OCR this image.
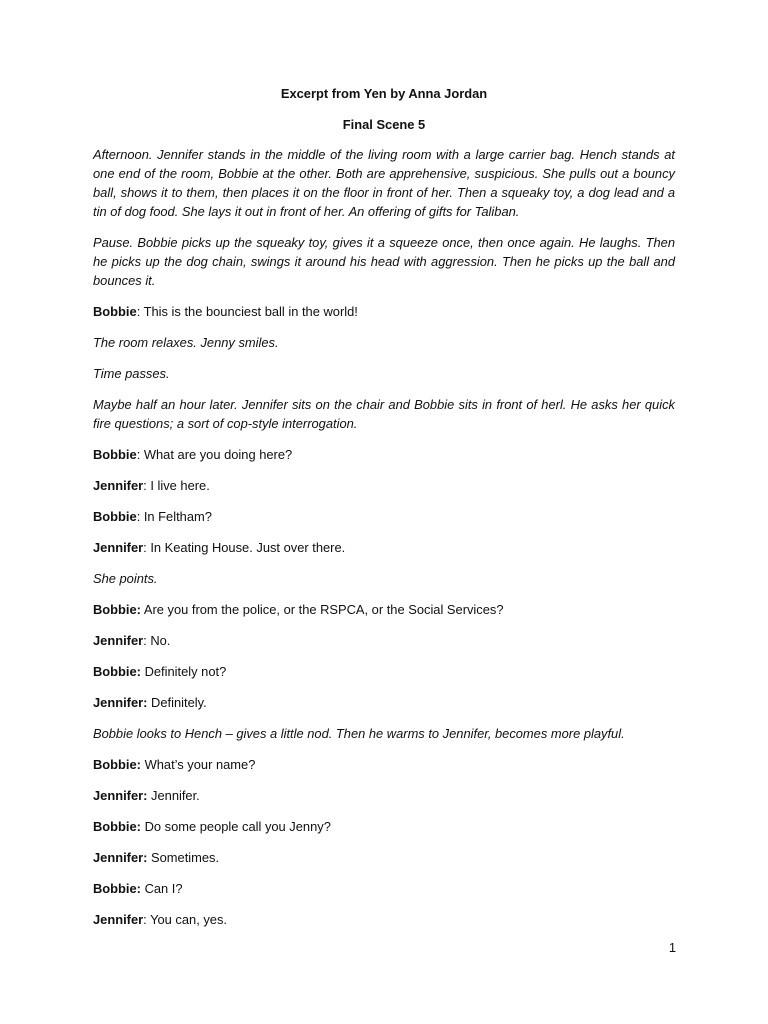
Excerpt from Yen by Anna Jordan
Final Scene 5
Afternoon. Jennifer stands in the middle of the living room with a large carrier bag. Hench stands at one end of the room, Bobbie at the other. Both are apprehensive, suspicious. She pulls out a bouncy ball, shows it to them, then places it on the floor in front of her. Then a squeaky toy, a dog lead and a tin of dog food. She lays it out in front of her. An offering of gifts for Taliban.
Pause. Bobbie picks up the squeaky toy, gives it a squeeze once, then once again. He laughs. Then he picks up the dog chain, swings it around his head with aggression. Then he picks up the ball and bounces it.
Bobbie: This is the bounciest ball in the world!
The room relaxes. Jenny smiles.
Time passes.
Maybe half an hour later. Jennifer sits on the chair and Bobbie sits in front of herl. He asks her quick fire questions; a sort of cop-style interrogation.
Bobbie: What are you doing here?
Jennifer: I live here.
Bobbie: In Feltham?
Jennifer: In Keating House. Just over there.
She points.
Bobbie: Are you from the police, or the RSPCA, or the Social Services?
Jennifer: No.
Bobbie: Definitely not?
Jennifer: Definitely.
Bobbie looks to Hench – gives a little nod. Then he warms to Jennifer, becomes more playful.
Bobbie: What’s your name?
Jennifer: Jennifer.
Bobbie: Do some people call you Jenny?
Jennifer: Sometimes.
Bobbie: Can I?
Jennifer: You can, yes.
1
